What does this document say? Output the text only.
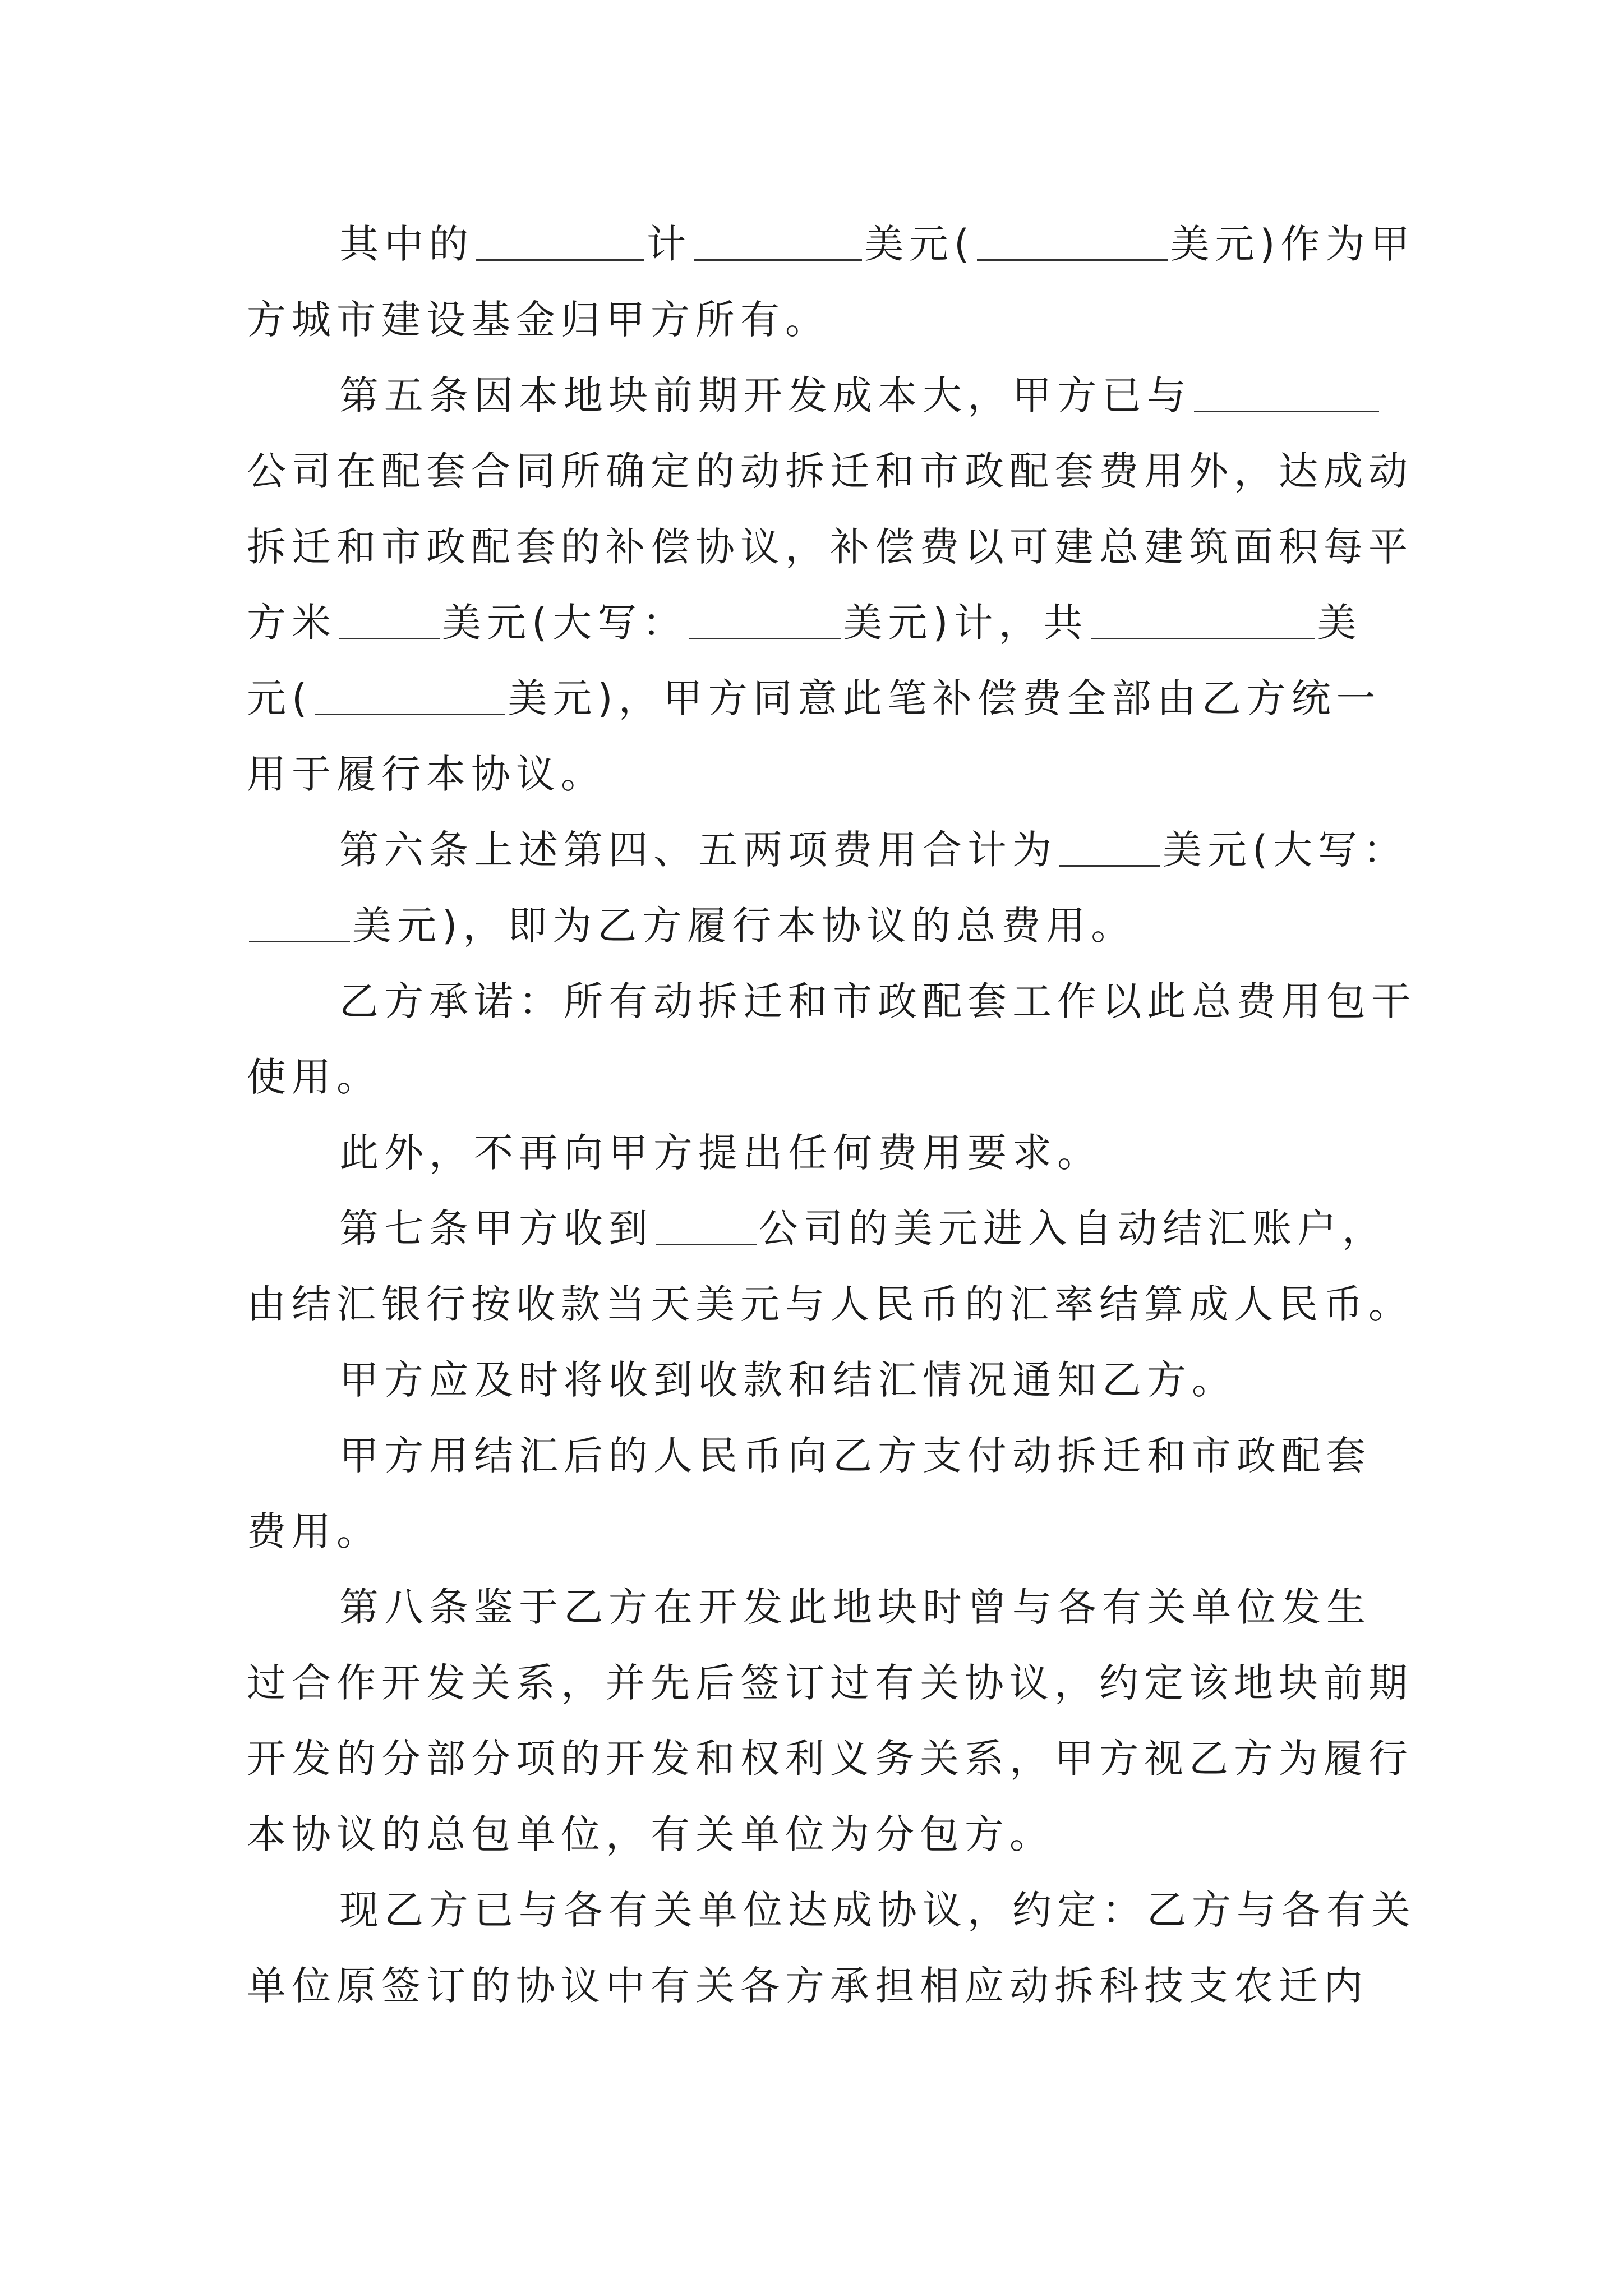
其中的	计	美元(	美元)作为甲
方城市建设基金归甲方所有。
第五条因本地块前期开发成本大，甲方已与
公司在配套合同所确定的动拆迁和市政配套费用外，达成动
拆迁和市政配套的补偿协议，补偿费以可建总建筑面积每平
方米	美元(大写：	美元)计，共	美
元(	美元)，甲方同意此笔补偿费全部由乙方统一
用于履行本协议。
第六条上述第四、五两项费用合计为	美元(大写：
美元)，即为乙方履行本协议的总费用。
乙方承诺：所有动拆迁和市政配套工作以此总费用包干
使用。
此外，不再向甲方提出任何费用要求。
第七条甲方收到	公司的美元进入自动结汇账户，
由结汇银行按收款当天美元与人民币的汇率结算成人民币。
甲方应及时将收到收款和结汇情况通知乙方。
甲方用结汇后的人民币向乙方支付动拆迁和市政配套
费用。
第八条鉴于乙方在开发此地块时曾与各有关单位发生
过合作开发关系，并先后签订过有关协议，约定该地块前期
开发的分部分项的开发和权利义务关系，甲方视乙方为履行
本协议的总包单位，有关单位为分包方。
现乙方已与各有关单位达成协议，约定：乙方与各有关
单位原签订的协议中有关各方承担相应动拆科技支农迁内
